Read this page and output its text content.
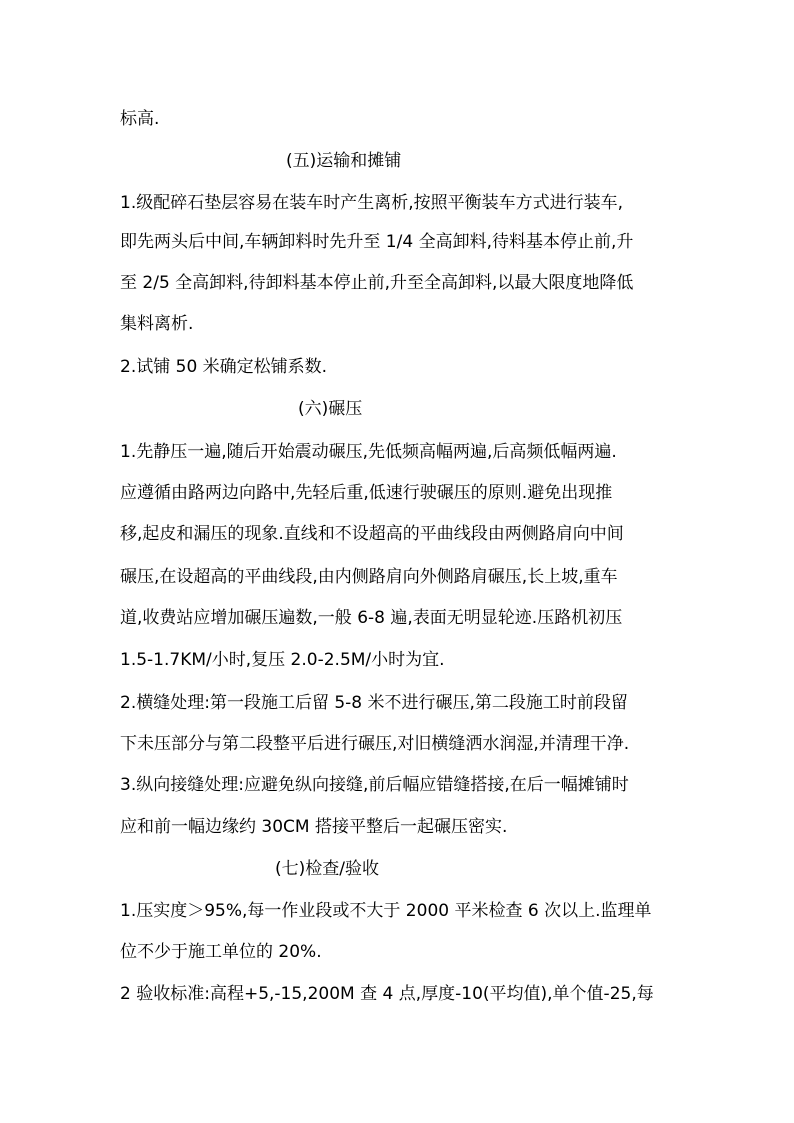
标高.
(五)运输和摊铺
1.级配碎石垫层容易在装车时产生离析,按照平衡装车方式进行装车,
即先两头后中间,车辆卸料时先升至 1/4 全高卸料,待料基本停止前,升
至 2/5 全高卸料,待卸料基本停止前,升至全高卸料,以最大限度地降低
集料离析.
2.试铺 50 米确定松铺系数.
(六)碾压
1.先静压一遍,随后开始震动碾压,先低频高幅两遍,后高频低幅两遍.
应遵循由路两边向路中,先轻后重,低速行驶碾压的原则.避免出现推
移,起皮和漏压的现象.直线和不设超高的平曲线段由两侧路肩向中间
碾压,在设超高的平曲线段,由内侧路肩向外侧路肩碾压,长上坡,重车
道,收费站应增加碾压遍数,一般 6-8 遍,表面无明显轮迹.压路机初压
1.5-1.7KM/小时,复压 2.0-2.5M/小时为宜.
2.横缝处理:第一段施工后留 5-8 米不进行碾压,第二段施工时前段留
下未压部分与第二段整平后进行碾压,对旧横缝洒水润湿,并清理干净.
3.纵向接缝处理:应避免纵向接缝,前后幅应错缝搭接,在后一幅摊铺时
应和前一幅边缘约 30CM 搭接平整后一起碾压密实.
(七)检查/验收
1.压实度＞95%,每一作业段或不大于 2000 平米检查 6 次以上.监理单
位不少于施工单位的 20%.
2 验收标准:高程+5,-15,200M 查 4 点,厚度-10(平均值),单个值-25,每
